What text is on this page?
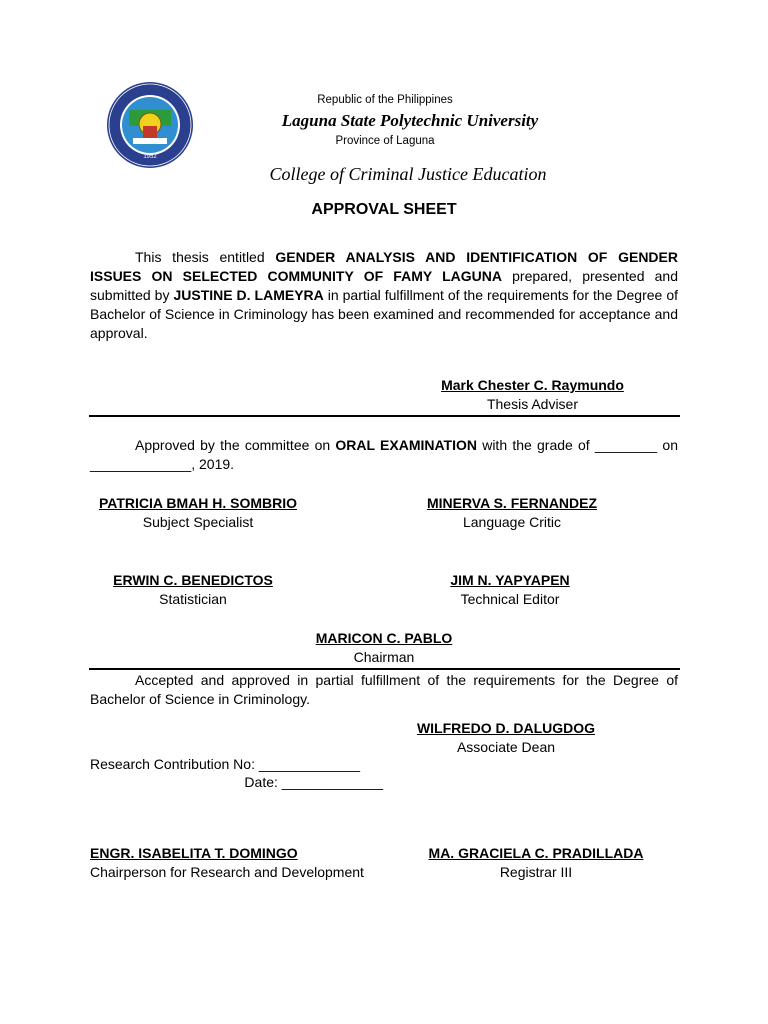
1952
Republic of the Philippines
Laguna State Polytechnic University
Province of Laguna
College of Criminal Justice Education
APPROVAL SHEET
This thesis entitled GENDER ANALYSIS AND IDENTIFICATION OF GENDER ISSUES ON SELECTED COMMUNITY OF FAMY LAGUNA prepared, presented and submitted by JUSTINE D. LAMEYRA in partial fulfillment of the requirements for the Degree of Bachelor of Science in Criminology has been examined and recommended for acceptance and approval.
Mark Chester C. Raymundo
Thesis Adviser
Approved by the committee on ORAL EXAMINATION with the grade of ________ on _____________, 2019.
PATRICIA BMAH H. SOMBRIO
Subject Specialist
MINERVA S. FERNANDEZ
Language Critic
ERWIN C. BENEDICTOS
Statistician
JIM N. YAPYAPEN
Technical Editor
MARICON C. PABLO
Chairman
Accepted and approved in partial fulfillment of the requirements for the Degree of Bachelor of Science in Criminology.
WILFREDO D. DALUGDOG
Associate Dean
Research Contribution No: _____________
Date: _____________
ENGR. ISABELITA T. DOMINGO
Chairperson for Research and Development
MA. GRACIELA C. PRADILLADA
Registrar III
